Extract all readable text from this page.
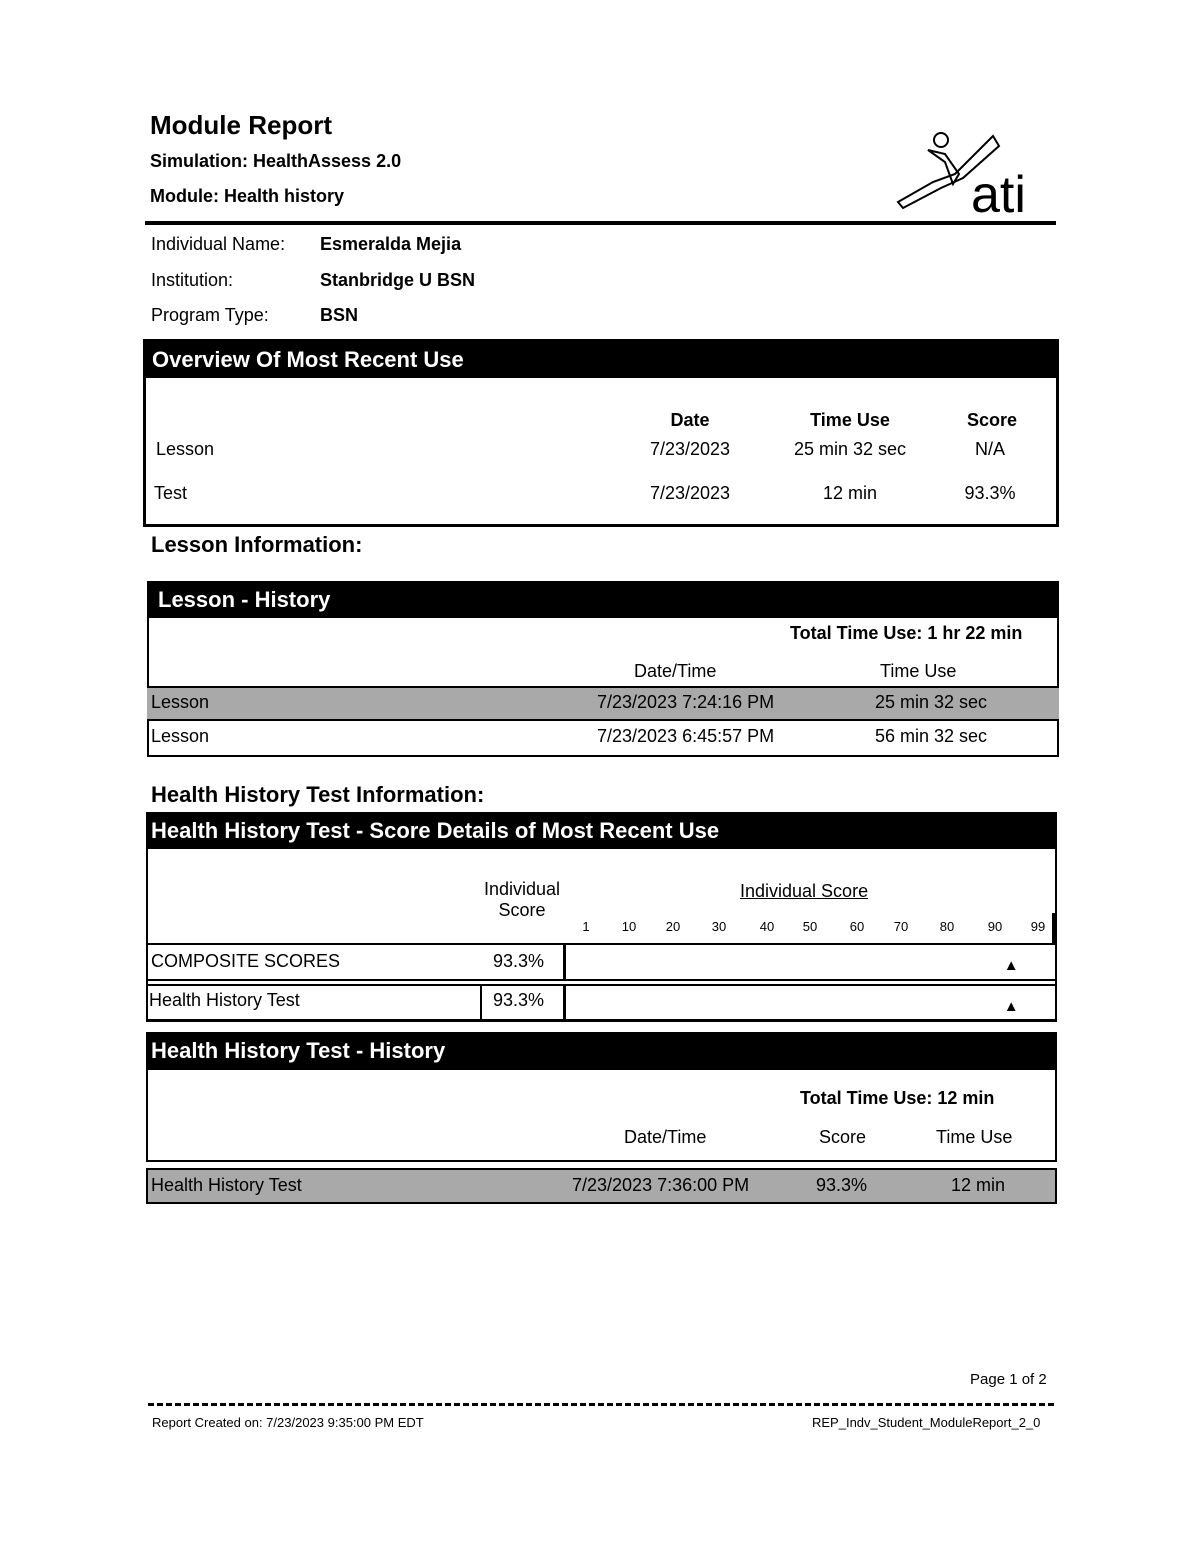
Module Report
Simulation: HealthAssess 2.0
Module: Health history	ati
Individual Name: Esmeralda Mejia
Institution:	Stanbridge U BSN
Program Type:	BSN
Overview Of Most Recent Use
Date	Time Use	Score
Lesson	7/23/2023	25 min 32 sec	N/A
Test	7/23/2023	12 min	93.3%
Lesson Information:
Lesson - History
Total Time Use: 1 hr 22 min
Date/Time	Time Use
Lesson	7/23/2023 7:24:16 PM	25 min 32 sec
Lesson	7/23/2023 6:45:57 PM	56 min 32 sec
Health History Test Information:
Health History Test - Score Details of Most Recent Use
Individual
Score
Individual Score
1	10	20	30	40	50	60	70	80	90	99
COMPOSITE SCORES	93.3%	▲
Health History Test	93.3%	▲
Health History Test - History
Total Time Use: 12 min
Date/Time	Score	Time Use
Health History Test	7/23/2023 7:36:00 PM	93.3%	12 min
Page 1 of 2
Report Created on: 7/23/2023 9:35:00 PM EDT	REP_Indv_Student_ModuleReport_2_0
